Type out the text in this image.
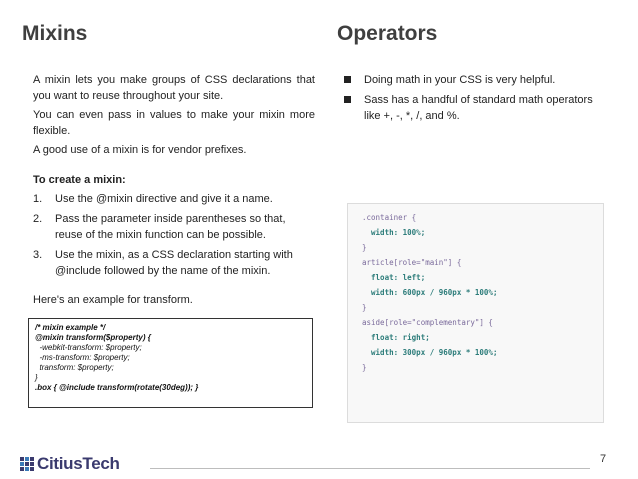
Mixins	Operators

A mixin lets you make groups of CSS declarations that you want to reuse throughout your site.

You can even pass in values to make your mixin more flexible.

A good use of a mixin is for vendor prefixes.

To create a mixin:

1. Use the @mixin directive and give it a name.
2. Pass the parameter inside parentheses so that, reuse of the mixin function can be possible.
3. Use the mixin, as a CSS declaration starting with @include followed by the name of the mixin.
Here's an example for transform.
/* mixin example */
@mixin transform($property) {
-webkit-transform: $property;
-ms-transform: $property;
transform: $property;
}
.box { @include transform(rotate(30deg)); }
Doing math in your CSS is very helpful.
Sass has a handful of standard math operators like +, -, *, /, and %.
.container {
width: 100%;
}
article[role="main"] {
float: left;
width: 600px / 960px * 100%;
}
aside[role="complementary"] {
float: right;
width: 300px / 960px * 100%;
}
CitiusTech	7
